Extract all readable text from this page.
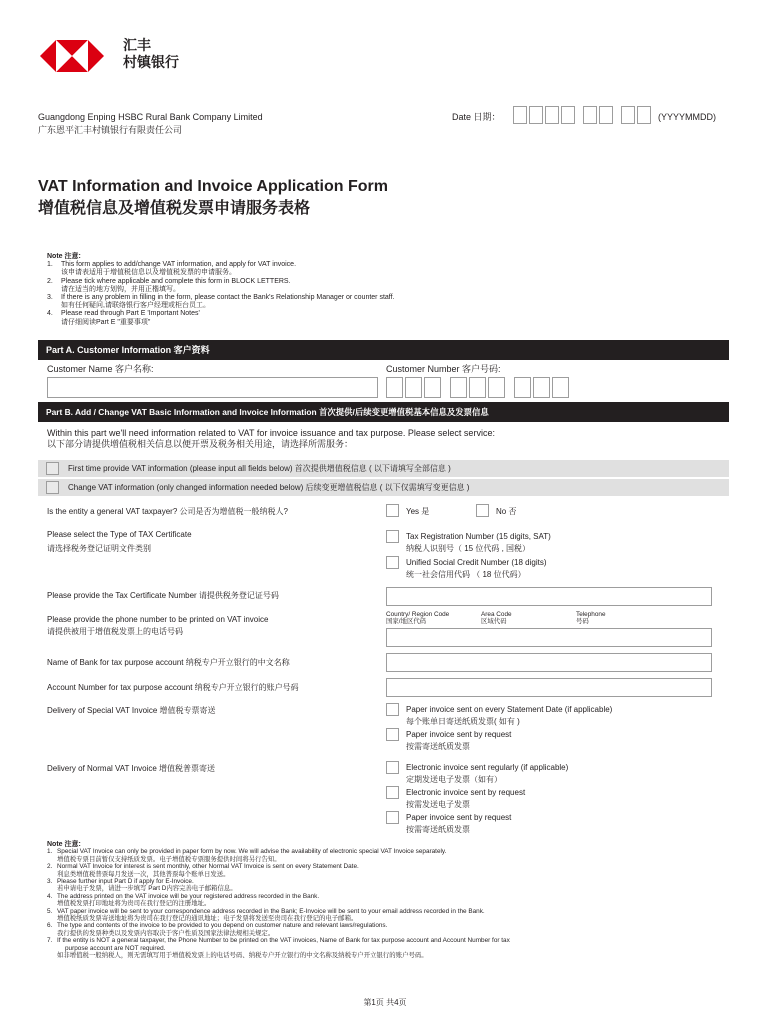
汇丰
村镇银行
Guangdong Enping HSBC Rural Bank Company Limited
广东恩平汇丰村镇银行有限责任公司
Date 日期：	(YYYYMMDD)
VAT Information and Invoice Application Form
增值税信息及增值税发票申请服务表格
Note 注意:
1. This form applies to add/change VAT information, and apply for VAT invoice.
该申请表适用于增值税信息以及增值税发票的申请服务。
2. Please tick where applicable and complete this form in BLOCK LETTERS.
请在适当的地方划钩，并用正楷填写。
3. If there is any problem in filling in the form, please contact the Bank's Relationship Manager or counter staff.
如有任何疑问,请联络银行客户经理或柜台员工。
4. Please read through Part E 'Important Notes'
请仔细阅读Part E "重要事项"
Part A. Customer Information 客户资料
Customer Name 客户名称:	Customer Number 客户号码:
Part B. Add / Change VAT Basic Information and Invoice Information 首次提供/后续变更增值税基本信息及发票信息
Within this part we'll need information related to VAT for invoice issuance and tax purpose. Please select service:
以下部分请提供增值税相关信息以便开票及税务相关用途，请选择所需服务：
First time provide VAT information (please input all fields below) 首次提供增值税信息 ( 以下请填写全部信息 )
Change VAT information (only changed information needed below) 后续变更增值税信息 ( 以下仅需填写变更信息 )
Is the entity a general VAT taxpayer? 公司是否为增值税一般纳税人?	Yes 是	No 否
Please select the Type of TAX Certificate
请选择税务登记证明文件类别
Tax Registration Number (15 digits, SAT)
纳税人识别号（ 15 位代码 , 国税）
Unified Social Credit Number (18 digits)
统一社会信用代码 （ 18 位代码）
Please provide the Tax Certificate Number 请提供税务登记证号码
Please provide the phone number to be printed on VAT invoice
请提供被用于增值税发票上的电话号码
Country/ Region Code
国家/地区代码
Area Code
区域代码
Telephone
号码
Name of Bank for tax purpose account 纳税专户开立银行的中文名称
Account Number for tax purpose account 纳税专户开立银行的账户号码
Delivery of Special VAT Invoice 增值税专票寄送	Paper invoice sent on every Statement Date (if applicable)
每个账单日寄送纸质发票( 如有 )
Paper invoice sent by request
按需寄送纸质发票
Delivery of Normal VAT Invoice 增值税普票寄送	Electronic invoice sent regularly (if applicable)
定期发送电子发票（如有）
Electronic invoice sent by request
按需发送电子发票
Paper invoice sent by request
按需寄送纸质发票
Note 注意:
1. Special VAT Invoice can only be provided in paper form by now. We will advise the availability of electronic special VAT Invoice separately.
增值税专票目前暂仅支持纸质发票。电子增值税专票服务提供时间将另行告知。
2. Normal VAT Invoice for interest is sent monthly, other Normal VAT Invoice is sent on every Statement Date.
利息类增值税普票每月发送一次，其他普票每个账单日发送。
3. Please further input Part D if apply for E-Invoice.
若申请电子发票，请进一步填写 Part D内容完善电子邮箱信息。
4. The address printed on the VAT invoice will be your registered address recorded in the Bank.
增值税发票打印地址将为贵司在我行登记的注册地址。
5. VAT paper invoice will be sent to your correspondence address recorded in the Bank; E-Invoice will be sent to your email address recorded in the Bank.
增值税纸质发票寄送地址将为贵司在我行登记的通讯地址；电子发票将发送至贵司在我行登记的电子邮箱。
6. The type and contents of the invoice to be provided to you depend on customer nature and relevant laws/regulations.
我行提供的发票种类以及发票内容取决于客户性质及国家法律法规相关规定。
7. If the entity is NOT a general taxpayer, the Phone Number to be printed on the VAT invoices, Name of Bank for tax purpose account and Account Number for tax
purpose account are NOT required.
如非增值税一般纳税人，则无需填写用于增值税发票上的电话号码、纳税专户开立银行的中文名称及纳税专户开立银行的账户号码。
第1页 共4页
